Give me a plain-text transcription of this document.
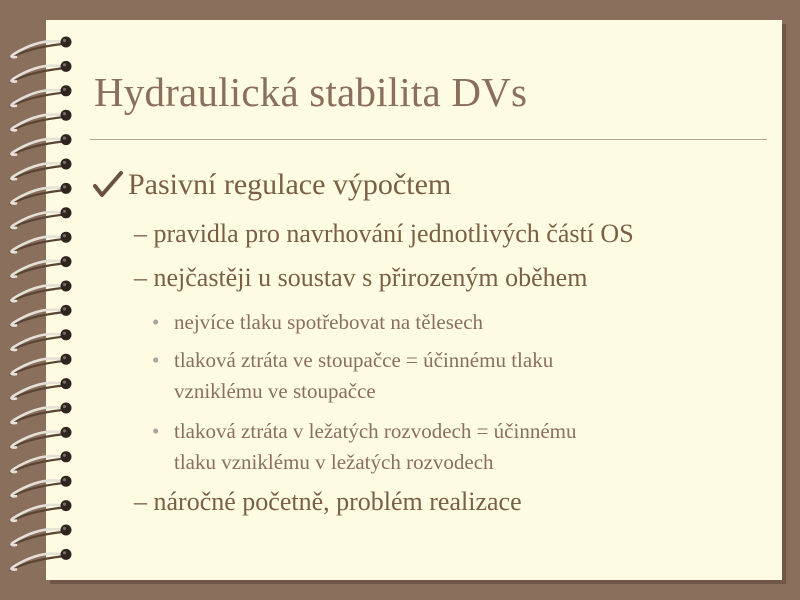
Hydraulická stabilita DVs
Pasivní regulace výpočtem
– pravidla pro navrhování jednotlivých částí OS
– nejčastěji u soustav s přirozeným oběhem
• nejvíce tlaku spotřebovat na tělesech
• tlaková ztráta ve stoupačce = účinnému tlaku
vzniklému ve stoupačce
• tlaková ztráta v ležatých rozvodech = účinnému
tlaku vzniklému v ležatých rozvodech
– náročné početně, problém realizace
